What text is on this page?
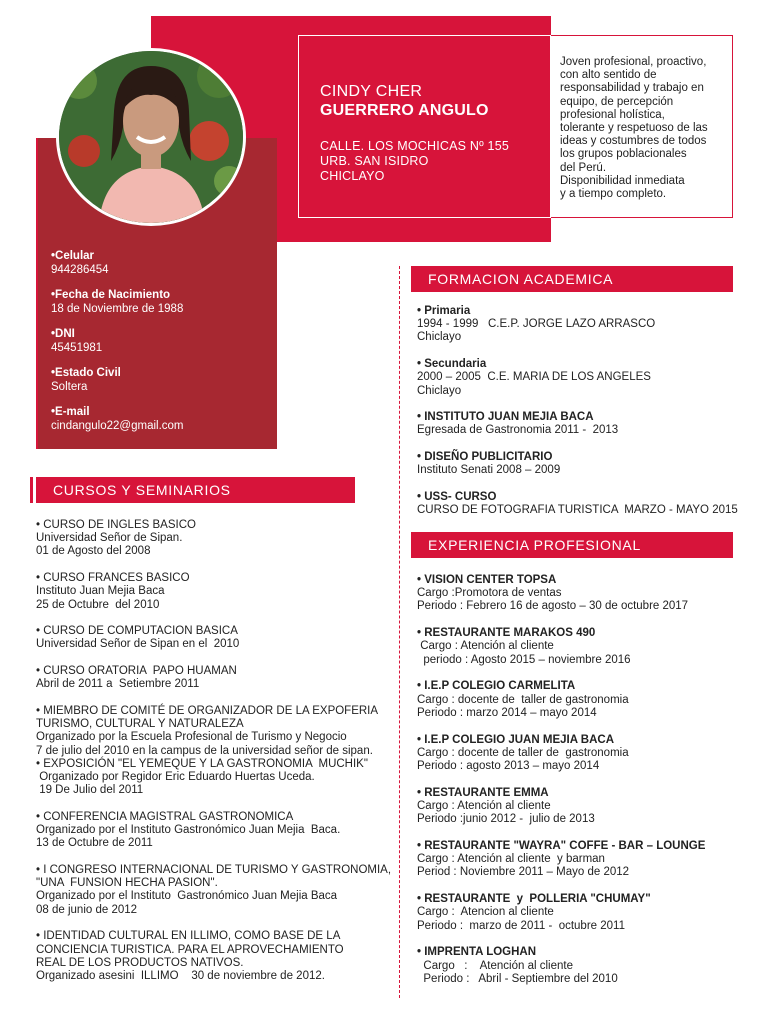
CINDY CHER
GUERRERO ANGULO
CALLE. LOS MOCHICAS Nº 155
URB. SAN ISIDRO
CHICLAYO
Joven profesional, proactivo,
con alto sentido de
responsabilidad y trabajo en
equipo, de percepción
profesional holística,
tolerante y respetuoso de las
ideas y costumbres de todos
los grupos poblacionales
del Perú.
Disponibilidad inmediata
y a tiempo completo.
•Celular
944286454
•Fecha de Nacimiento
18 de Noviembre de 1988
•DNI
45451981
•Estado Civil
Soltera
•E-mail
cindangulo22@gmail.com
CURSOS Y SEMINARIOS
FORMACION ACADEMICA
EXPERIENCIA PROFESIONAL
• CURSO DE INGLES BASICO
Universidad Señor de Sipan.
01 de Agosto del 2008
• CURSO FRANCES BASICO
Instituto Juan Mejia Baca
25 de Octubre  del 2010
• CURSO DE COMPUTACION BASICA
Universidad Señor de Sipan en el  2010
• CURSO ORATORIA  PAPO HUAMAN
Abril de 2011 a  Setiembre 2011
• MIEMBRO DE COMITÉ DE ORGANIZADOR DE LA EXPOFERIA
TURISMO, CULTURAL Y NATURALEZA
Organizado por la Escuela Profesional de Turismo y Negocio
7 de julio del 2010 en la campus de la universidad señor de sipan.
• EXPOSICIÓN "EL YEMEQUE Y LA GASTRONOMIA  MUCHIK"
Organizado por Regidor Eric Eduardo Huertas Uceda.
19 De Julio del 2011
• CONFERENCIA MAGISTRAL GASTRONOMICA
Organizado por el Instituto Gastronómico Juan Mejia  Baca.
13 de Octubre de 2011
• I CONGRESO INTERNACIONAL DE TURISMO Y GASTRONOMIA,
"UNA  FUNSION HECHA PASION".
Organizado por el Instituto  Gastronómico Juan Mejia Baca
08 de junio de 2012
• IDENTIDAD CULTURAL EN ILLIMO, COMO BASE DE LA
CONCIENCIA TURISTICA. PARA EL APROVECHAMIENTO
REAL DE LOS PRODUCTOS NATIVOS.
Organizado asesini  ILLIMO    30 de noviembre de 2012.
• Primaria
1994 - 1999   C.E.P. JORGE LAZO ARRASCO
Chiclayo
• Secundaria
2000 – 2005  C.E. MARIA DE LOS ANGELES
Chiclayo
• INSTITUTO JUAN MEJIA BACA
Egresada de Gastronomia 2011 -  2013
• DISEÑO PUBLICITARIO
Instituto Senati 2008 – 2009
• USS- CURSO
CURSO DE FOTOGRAFIA TURISTICA  MARZO - MAYO 2015
• VISION CENTER TOPSA
Cargo :Promotora de ventas
Periodo : Febrero 16 de agosto – 30 de octubre 2017
• RESTAURANTE MARAKOS 490
Cargo : Atención al cliente
periodo : Agosto 2015 – noviembre 2016
• I.E.P COLEGIO CARMELITA
Cargo : docente de  taller de gastronomia
Periodo : marzo 2014 – mayo 2014
• I.E.P COLEGIO JUAN MEJIA BACA
Cargo : docente de taller de  gastronomia
Periodo : agosto 2013 – mayo 2014
• RESTAURANTE EMMA
Cargo : Atención al cliente
Periodo :junio 2012 -  julio de 2013
• RESTAURANTE "WAYRA" COFFE - BAR – LOUNGE
Cargo : Atención al cliente  y barman
Period : Noviembre 2011 – Mayo de 2012
• RESTAURANTE  y  POLLERIA "CHUMAY"
Cargo :  Atencion al cliente
Periodo :  marzo de 2011 -  octubre 2011
• IMPRENTA LOGHAN
Cargo   :    Atención al cliente
Periodo :   Abril - Septiembre del 2010
